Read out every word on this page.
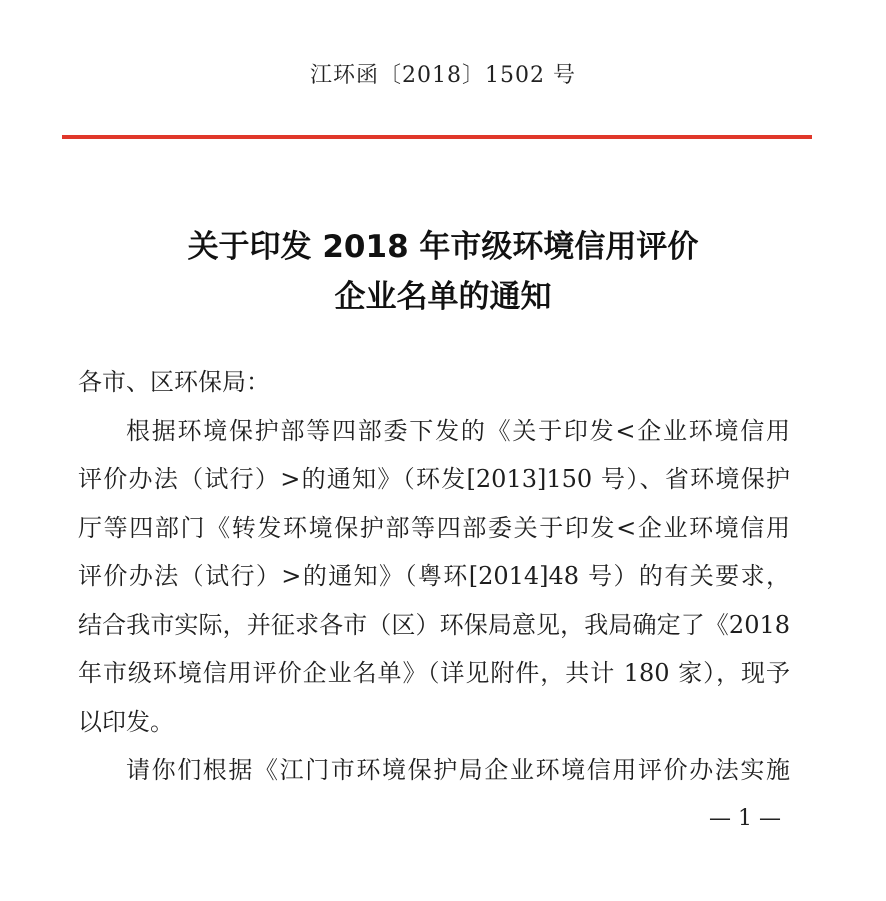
江环函〔2018〕1502 号
关于印发 2018 年市级环境信用评价
企业名单的通知
各市、区环保局：
根据环境保护部等四部委下发的《关于印发<企业环境信用
评价办法（试行）>的通知》（环发[2013]150 号）、省环境保护
厅等四部门《转发环境保护部等四部委关于印发<企业环境信用
评价办法（试行）>的通知》（粤环[2014]48 号）的有关要求，
结合我市实际，并征求各市（区）环保局意见，我局确定了《2018
年市级环境信用评价企业名单》（详见附件，共计 180 家），现予
以印发。
请你们根据《江门市环境保护局企业环境信用评价办法实施
— 1 —
